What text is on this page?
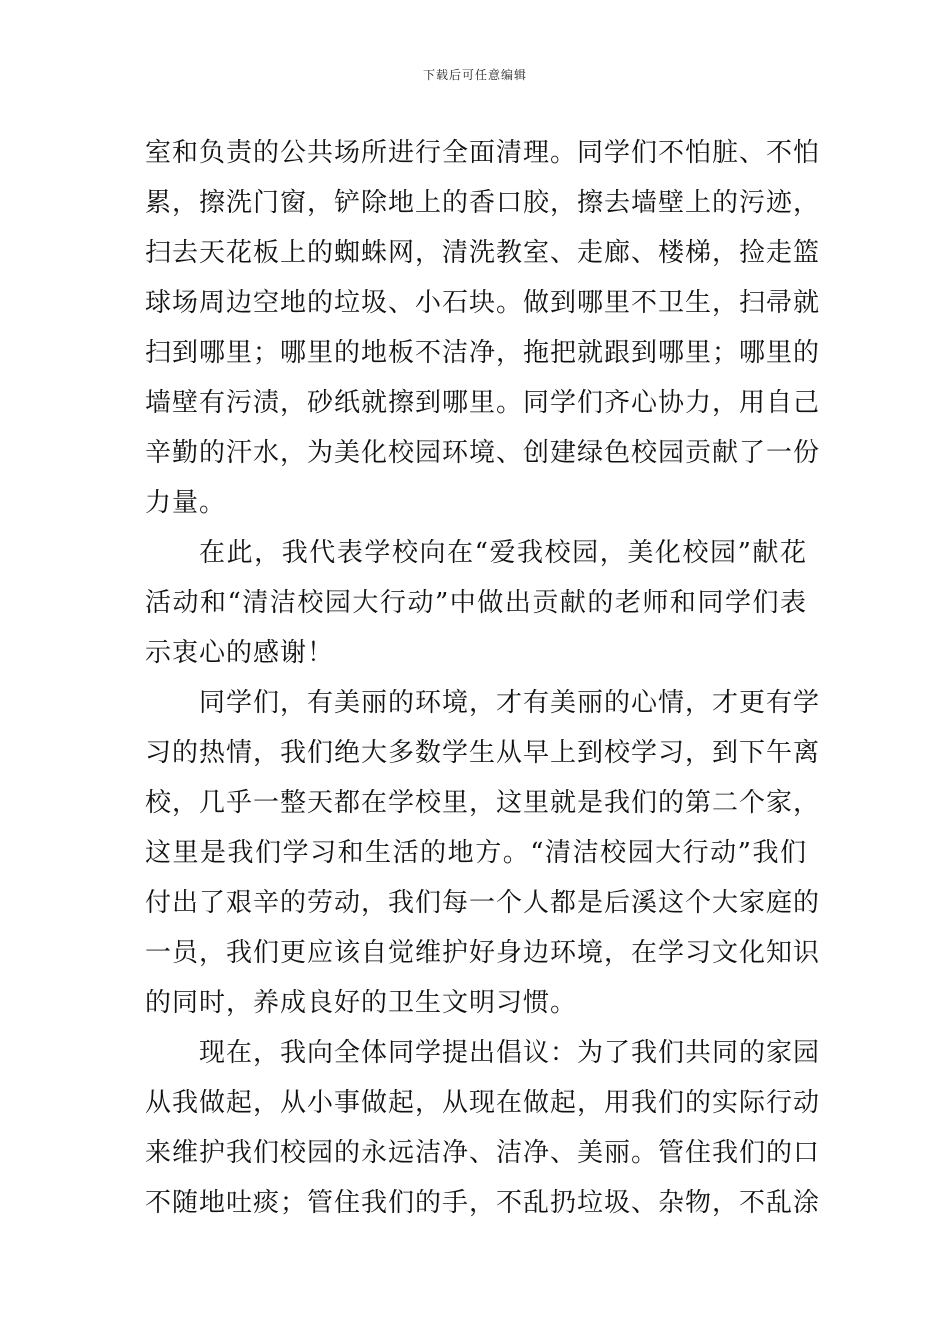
下载后可任意编辑
室和负责的公共场所进行全面清理。同学们不怕脏、不怕
累，擦洗门窗，铲除地上的香口胶，擦去墙壁上的污迹，
扫去天花板上的蜘蛛网，清洗教室、走廊、楼梯，捡走篮
球场周边空地的垃圾、小石块。做到哪里不卫生，扫帚就
扫到哪里；哪里的地板不洁净，拖把就跟到哪里；哪里的
墙壁有污渍，砂纸就擦到哪里。同学们齐心协力，用自己
辛勤的汗水，为美化校园环境、创建绿色校园贡献了一份
力量。
在此，我代表学校向在“爱我校园，美化校园”献花
活动和“清洁校园大行动”中做出贡献的老师和同学们表
示衷心的感谢！
同学们，有美丽的环境，才有美丽的心情，才更有学
习的热情，我们绝大多数学生从早上到校学习，到下午离
校，几乎一整天都在学校里，这里就是我们的第二个家，
这里是我们学习和生活的地方。“清洁校园大行动”我们
付出了艰辛的劳动，我们每一个人都是后溪这个大家庭的
一员，我们更应该自觉维护好身边环境，在学习文化知识
的同时，养成良好的卫生文明习惯。
现在，我向全体同学提出倡议：为了我们共同的家园
从我做起，从小事做起，从现在做起，用我们的实际行动
来维护我们校园的永远洁净、洁净、美丽。管住我们的口
不随地吐痰；管住我们的手，不乱扔垃圾、杂物，不乱涂
